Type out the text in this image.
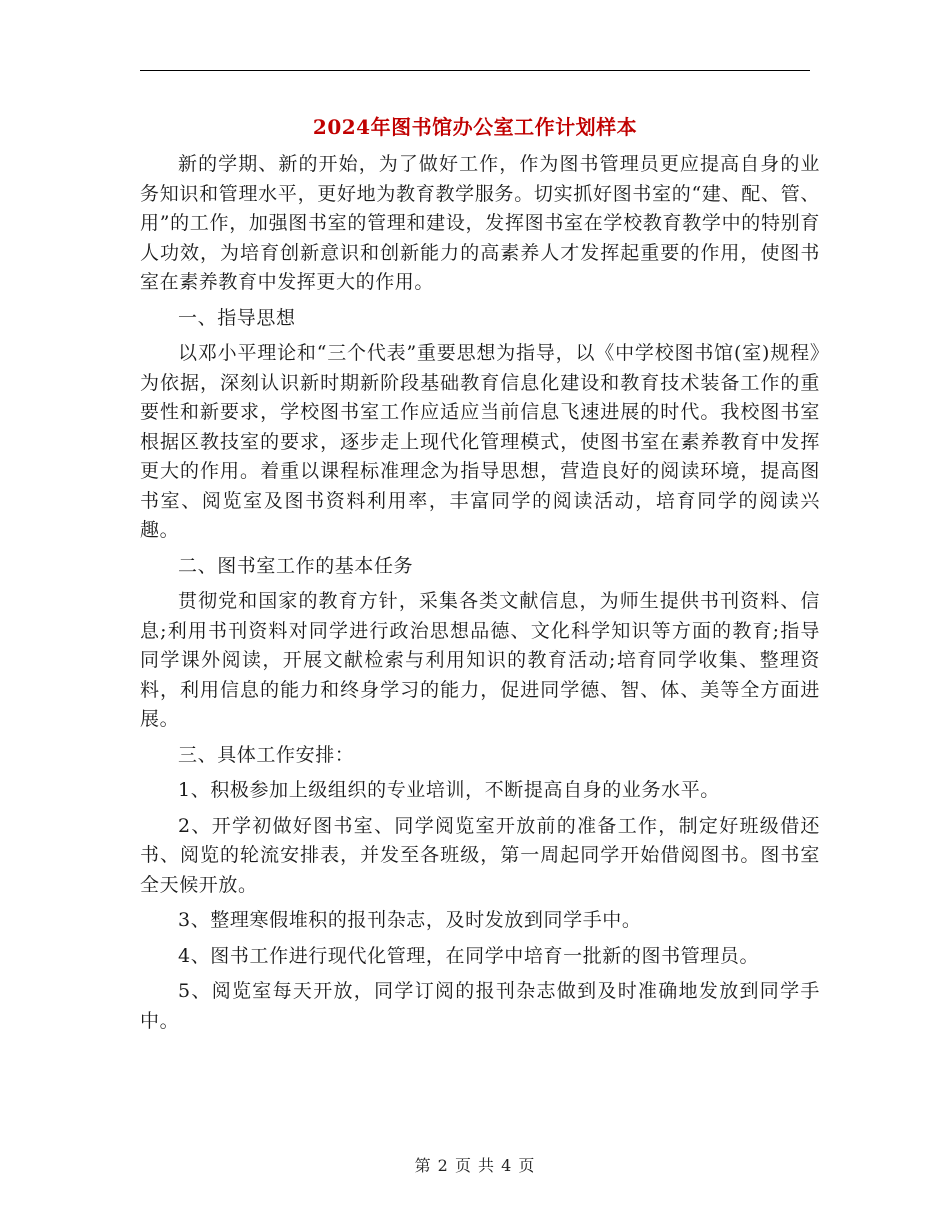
2024年图书馆办公室工作计划样本

新的学期、新的开始，为了做好工作，作为图书管理员更应提高自身的业务知识和管理水平，更好地为教育教学服务。切实抓好图书室的“建、配、管、用”的工作，加强图书室的管理和建设，发挥图书室在学校教育教学中的特别育人功效，为培育创新意识和创新能力的高素养人才发挥起重要的作用，使图书室在素养教育中发挥更大的作用。

一、指导思想

以邓小平理论和“三个代表”重要思想为指导，以《中学校图书馆(室)规程》为依据，深刻认识新时期新阶段基础教育信息化建设和教育技术装备工作的重要性和新要求，学校图书室工作应适应当前信息飞速进展的时代。我校图书室根据区教技室的要求，逐步走上现代化管理模式，使图书室在素养教育中发挥更大的作用。着重以课程标准理念为指导思想，营造良好的阅读环境，提高图书室、阅览室及图书资料利用率，丰富同学的阅读活动，培育同学的阅读兴趣。

二、图书室工作的基本任务

贯彻党和国家的教育方针，采集各类文献信息，为师生提供书刊资料、信息;利用书刊资料对同学进行政治思想品德、文化科学知识等方面的教育;指导同学课外阅读，开展文献检索与利用知识的教育活动;培育同学收集、整理资料，利用信息的能力和终身学习的能力，促进同学德、智、体、美等全方面进展。

三、具体工作安排：

1、积极参加上级组织的专业培训，不断提高自身的业务水平。

2、开学初做好图书室、同学阅览室开放前的准备工作，制定好班级借还书、阅览的轮流安排表，并发至各班级，第一周起同学开始借阅图书。图书室全天候开放。

3、整理寒假堆积的报刊杂志，及时发放到同学手中。

4、图书工作进行现代化管理，在同学中培育一批新的图书管理员。

5、阅览室每天开放，同学订阅的报刊杂志做到及时准确地发放到同学手中。

第 2 页 共 4 页
